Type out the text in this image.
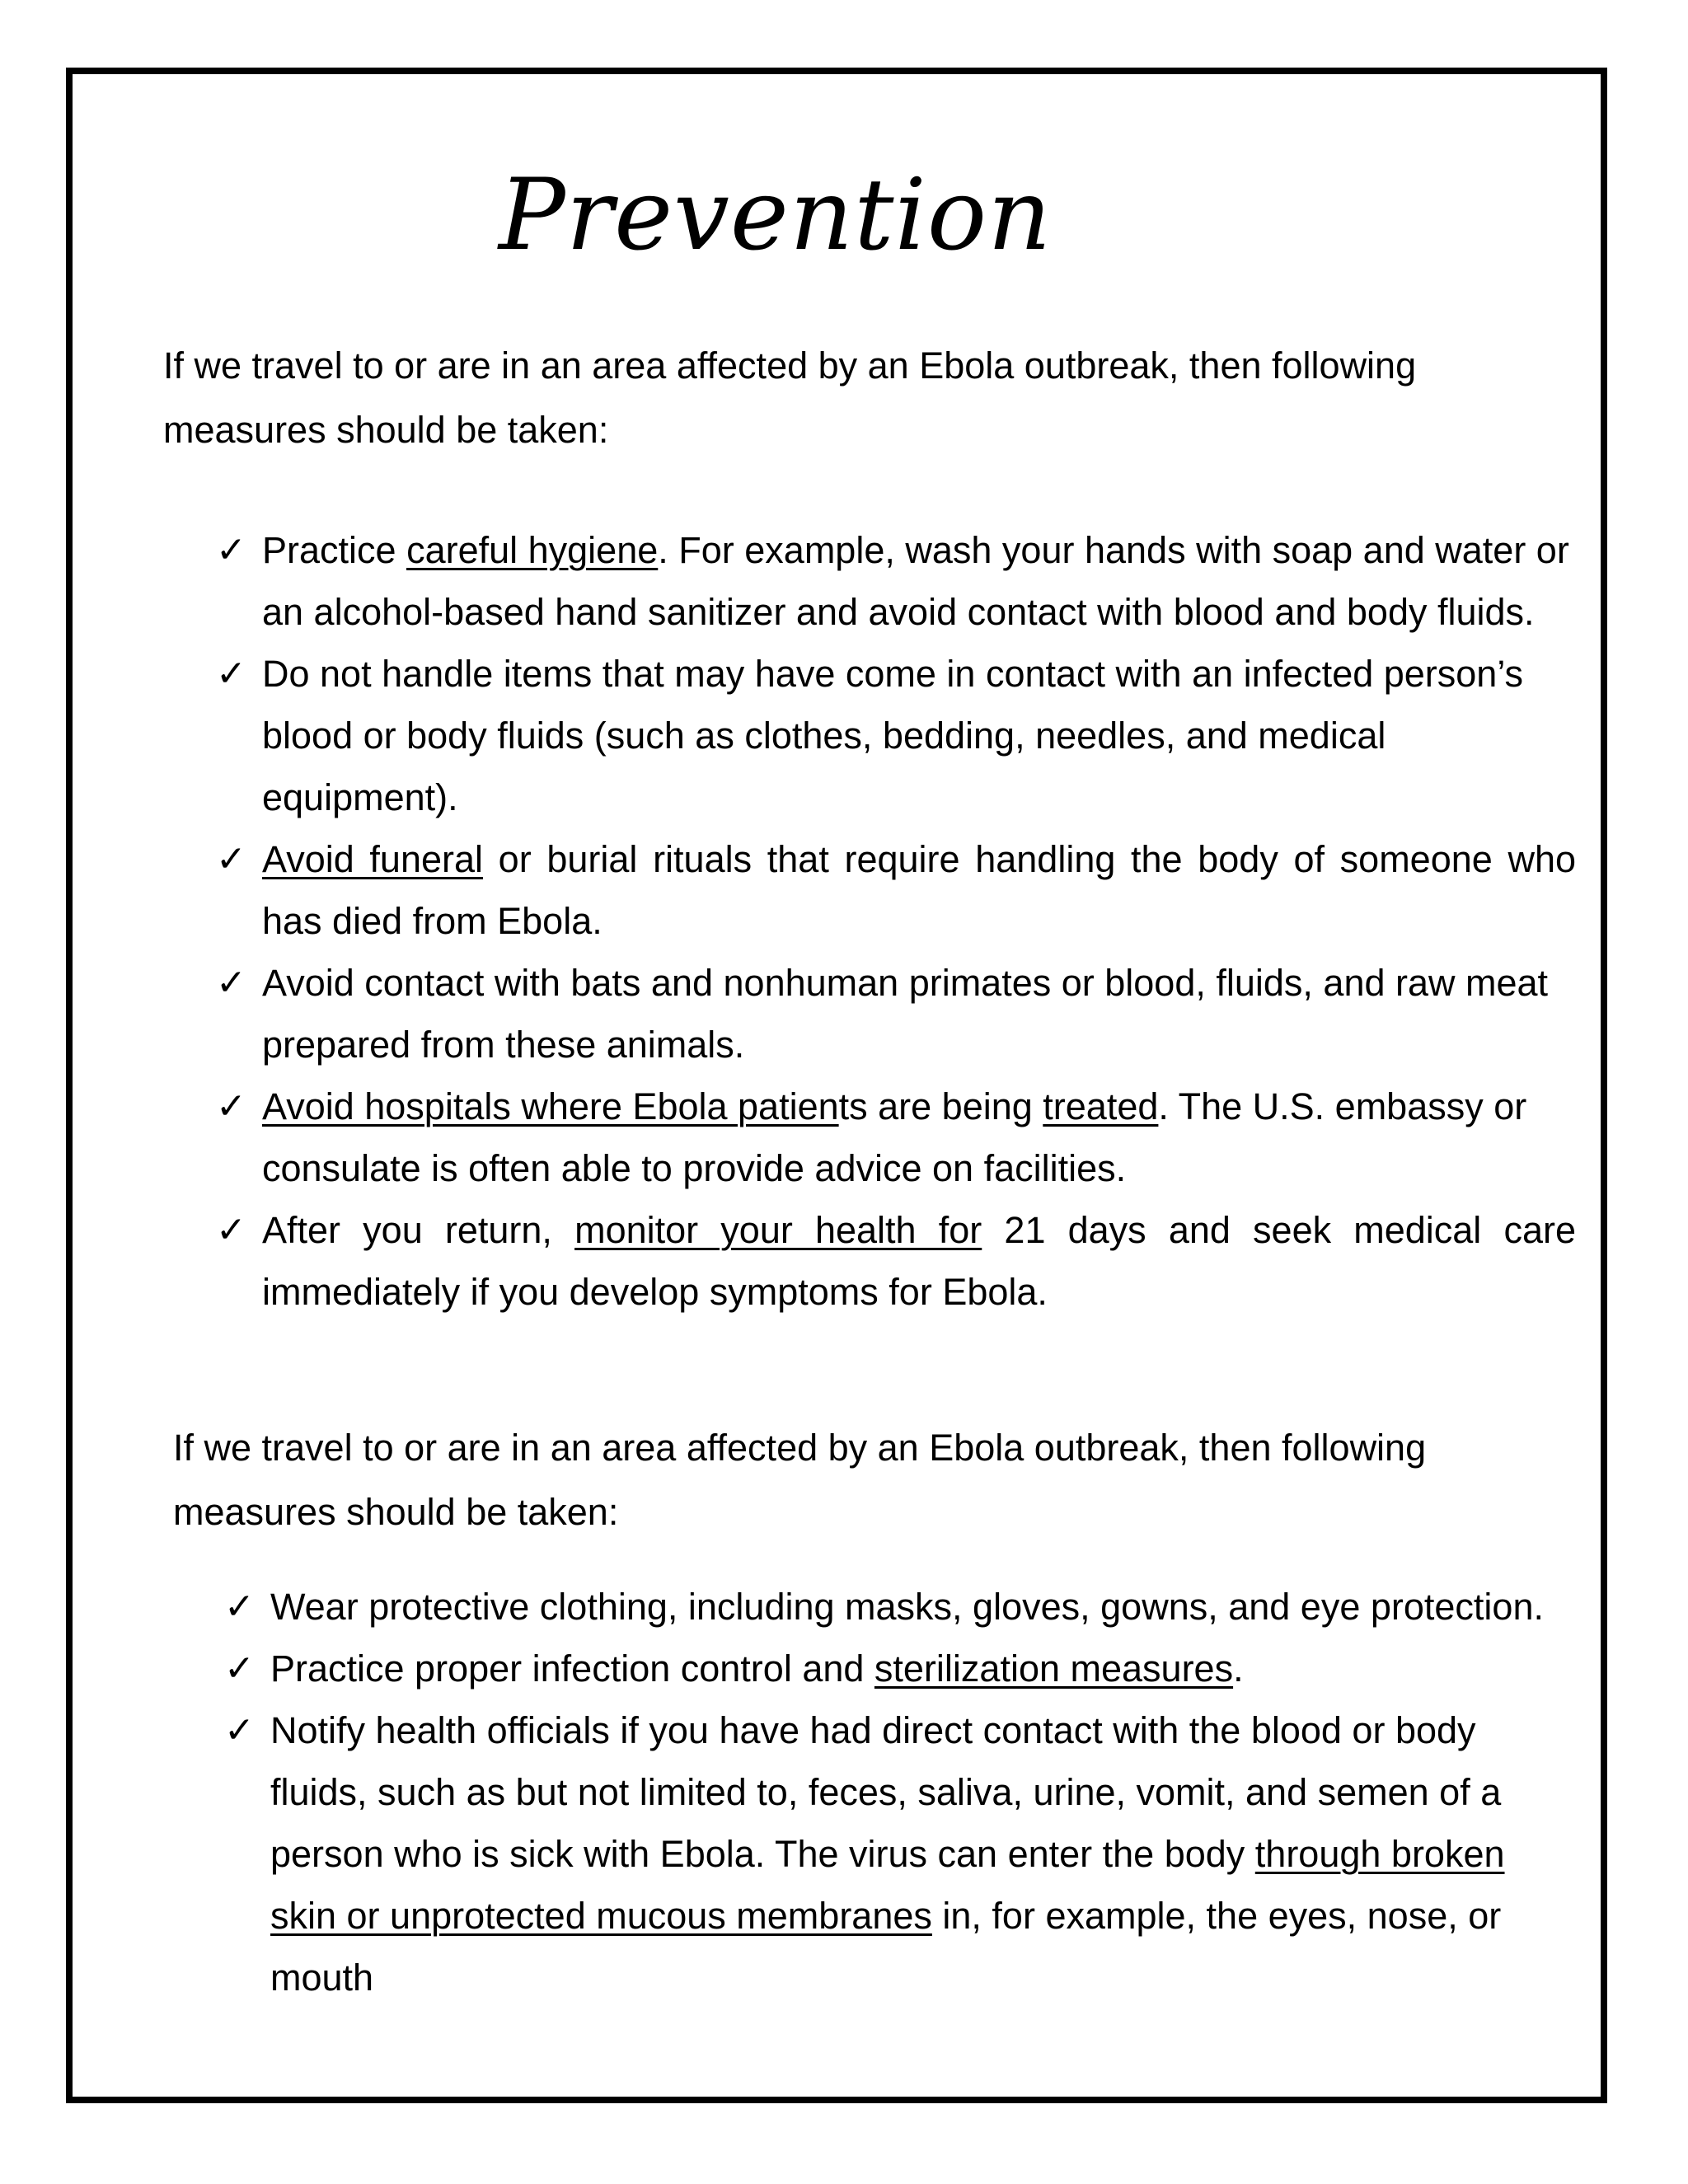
Prevention

If we travel to or are in an area affected by an Ebola outbreak, then following measures should be taken:

✓ Practice careful hygiene. For example, wash your hands with soap and water or an alcohol-based hand sanitizer and avoid contact with blood and body fluids.
✓ Do not handle items that may have come in contact with an infected person’s blood or body fluids (such as clothes, bedding, needles, and medical equipment).
✓ Avoid funeral or burial rituals that require handling the body of someone who has died from Ebola.
✓ Avoid contact with bats and nonhuman primates or blood, fluids, and raw meat prepared from these animals.
✓ Avoid hospitals where Ebola patients are being treated. The U.S. embassy or consulate is often able to provide advice on facilities.
✓ After you return, monitor your health for 21 days and seek medical care immediately if you develop symptoms for Ebola.

If we travel to or are in an area affected by an Ebola outbreak, then following measures should be taken:

✓ Wear protective clothing, including masks, gloves, gowns, and eye protection.
✓ Practice proper infection control and sterilization measures.
✓ Notify health officials if you have had direct contact with the blood or body fluids, such as but not limited to, feces, saliva, urine, vomit, and semen of a person who is sick with Ebola. The virus can enter the body through broken skin or unprotected mucous membranes in, for example, the eyes, nose, or mouth
